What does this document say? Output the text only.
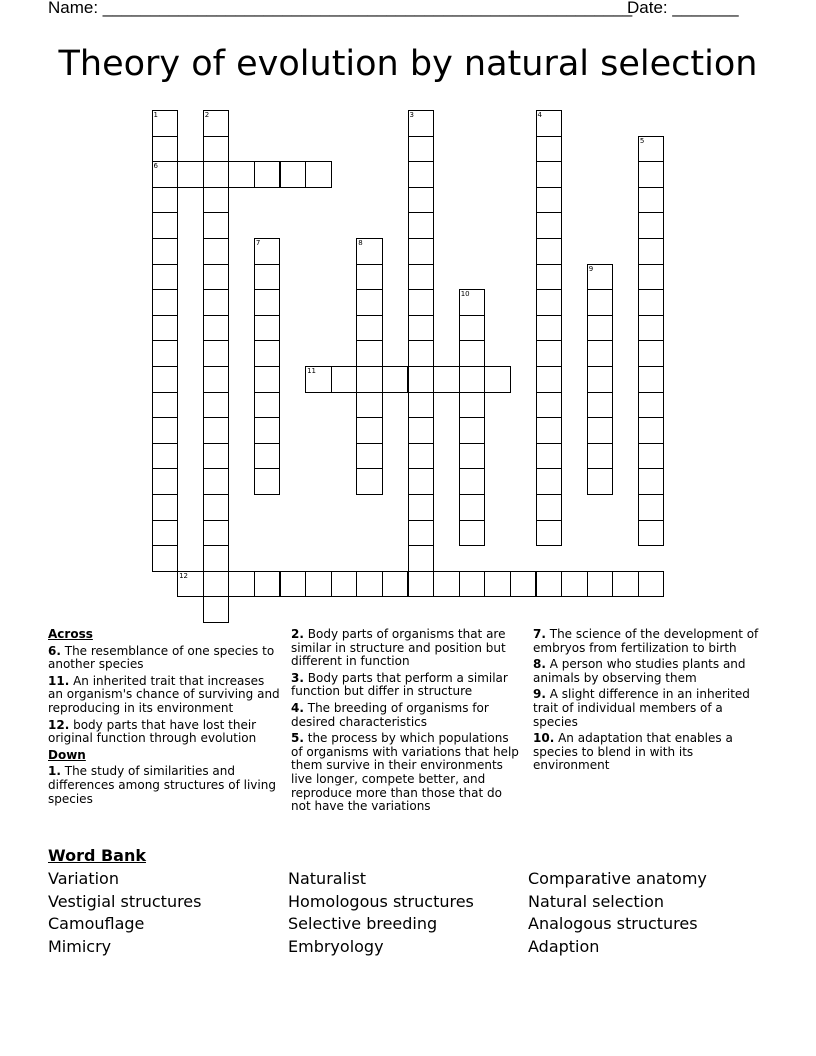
Name: ________________________________________________________
Date: _______
Theory of evolution by natural selection
1
6
2	3	4
5
7	8
9
10
11
12
Across
6. The resemblance of one species to another species
11. An inherited trait that increases an organism's chance of surviving and reproducing in its environment
12. body parts that have lost their original function through evolution
Down
1. The study of similarities and differences among structures of living species
2. Body parts of organisms that are similar in structure and position but different in function
3. Body parts that perform a similar function but differ in structure
4. The breeding of organisms for desired characteristics
5. the process by which populations of organisms with variations that help them survive in their environments live longer, compete better, and reproduce more than those that do not have the variations
7. The science of the development of embryos from fertilization to birth
8. A person who studies plants and animals by observing them
9. A slight difference in an inherited trait of individual members of a species
10. An adaptation that enables a species to blend in with its environment
Word Bank
Variation
Vestigial structures
Camouflage
Mimicry
Naturalist
Homologous structures
Selective breeding
Embryology
Comparative anatomy
Natural selection
Analogous structures
Adaption
